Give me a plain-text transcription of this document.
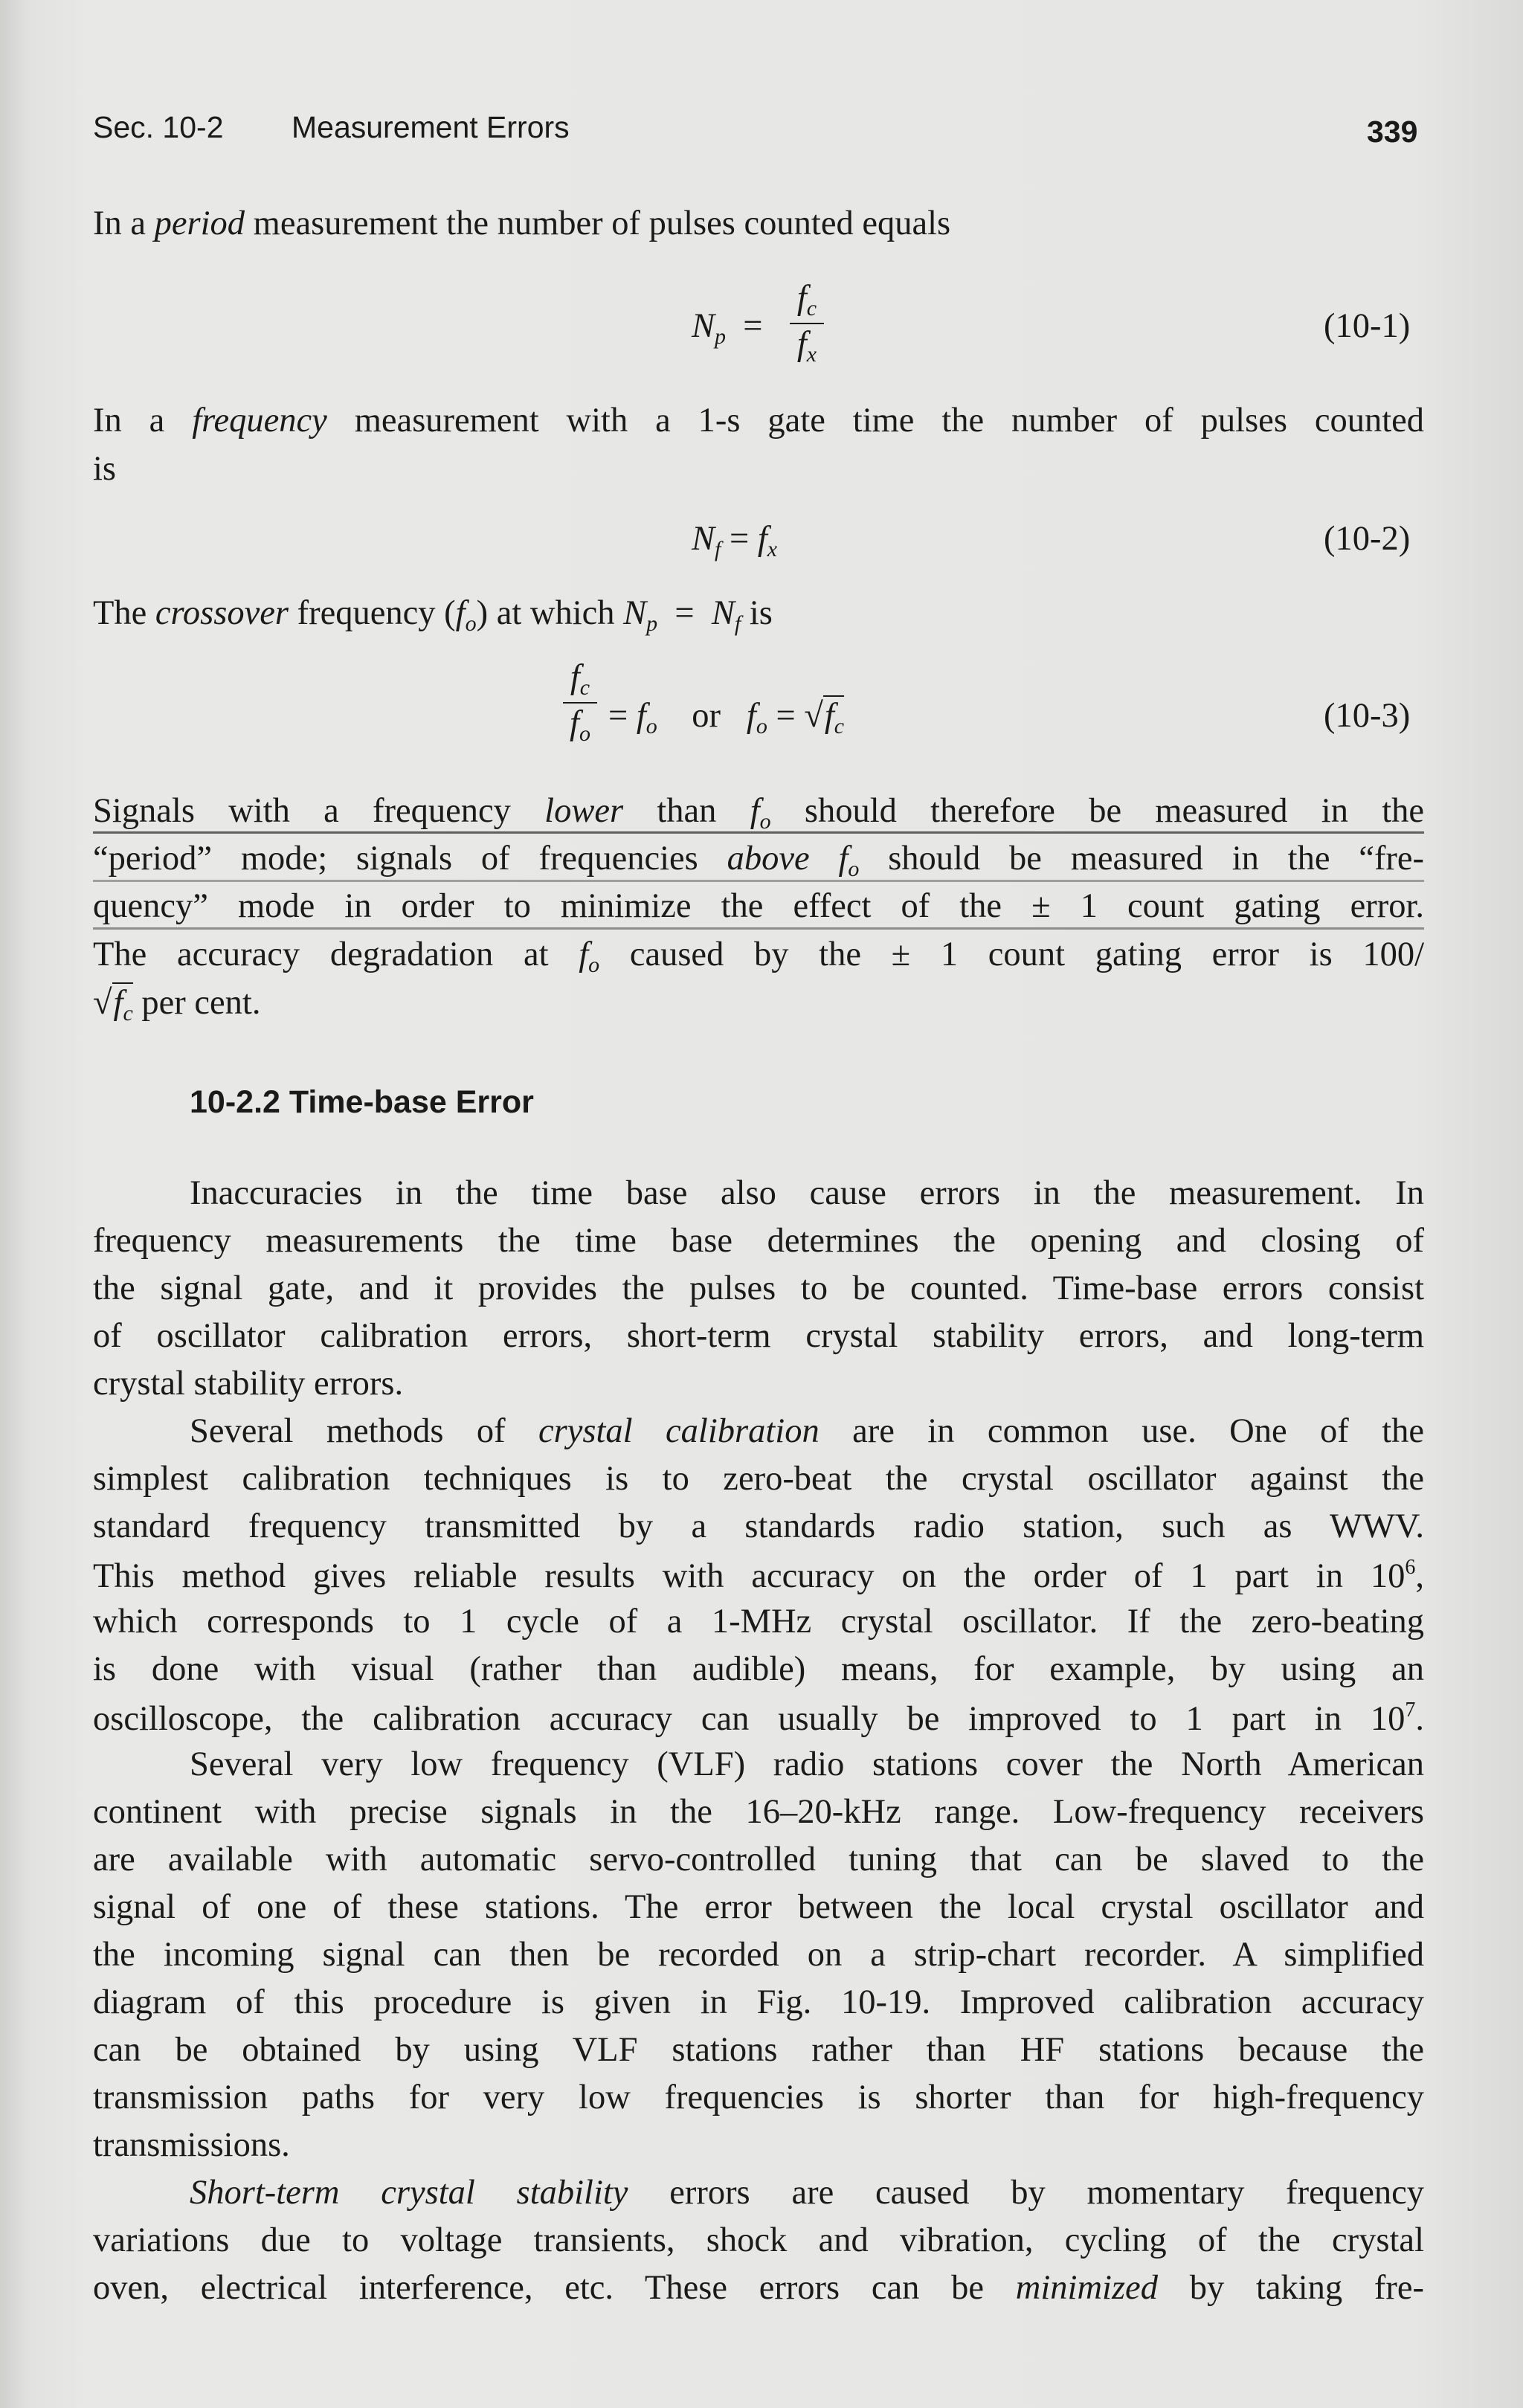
Sec. 10-2 Measurement Errors	339
In a period measurement the number of pulses counted equals
$N_p$  =
$f_c$
$f_x$
(10-1)
In a frequency measurement with a 1-s gate time the number of pulses counted
is
$N_f = f_x$	(10-2)
The crossover frequency $(f_o)$ at which $N_p = N_f$ is
$f_c$
$f_o = f_o$ or $f_o = √f_c$	(10-3)
Signals with a frequency lower than $f_o$ should therefore be measured in the
“period” mode; signals of frequencies above $f_o$ should be measured in the “fre-
quency” mode in order to minimize the effect of the ± 1 count gating error.
The accuracy degradation at $f_o$ caused by the ± 1 count gating error is 100/
$√f_c$ per cent.
10-2.2 Time-base Error
Inaccuracies in the time base also cause errors in the measurement. In
frequency measurements the time base determines the opening and closing of
the signal gate, and it provides the pulses to be counted. Time-base errors consist
of oscillator calibration errors, short-term crystal stability errors, and long-term
crystal stability errors.
Several methods of crystal calibration are in common use. One of the
simplest calibration techniques is to zero-beat the crystal oscillator against the
standard frequency transmitted by a standards radio station, such as WWV.
This method gives reliable results with accuracy on the order of 1 part in $10^6$,
which corresponds to 1 cycle of a 1-MHz crystal oscillator. If the zero-beating
is done with visual (rather than audible) means, for example, by using an
oscilloscope, the calibration accuracy can usually be improved to 1 part in $10^7$.
Several very low frequency (VLF) radio stations cover the North American
continent with precise signals in the 16–20-kHz range. Low-frequency receivers
are available with automatic servo-controlled tuning that can be slaved to the
signal of one of these stations. The error between the local crystal oscillator and
the incoming signal can then be recorded on a strip-chart recorder. A simplified
diagram of this procedure is given in Fig. 10-19. Improved calibration accuracy
can be obtained by using VLF stations rather than HF stations because the
transmission paths for very low frequencies is shorter than for high-frequency
transmissions.
Short-term crystal stability errors are caused by momentary frequency
variations due to voltage transients, shock and vibration, cycling of the crystal
oven, electrical interference, etc. These errors can be minimized by taking fre-
